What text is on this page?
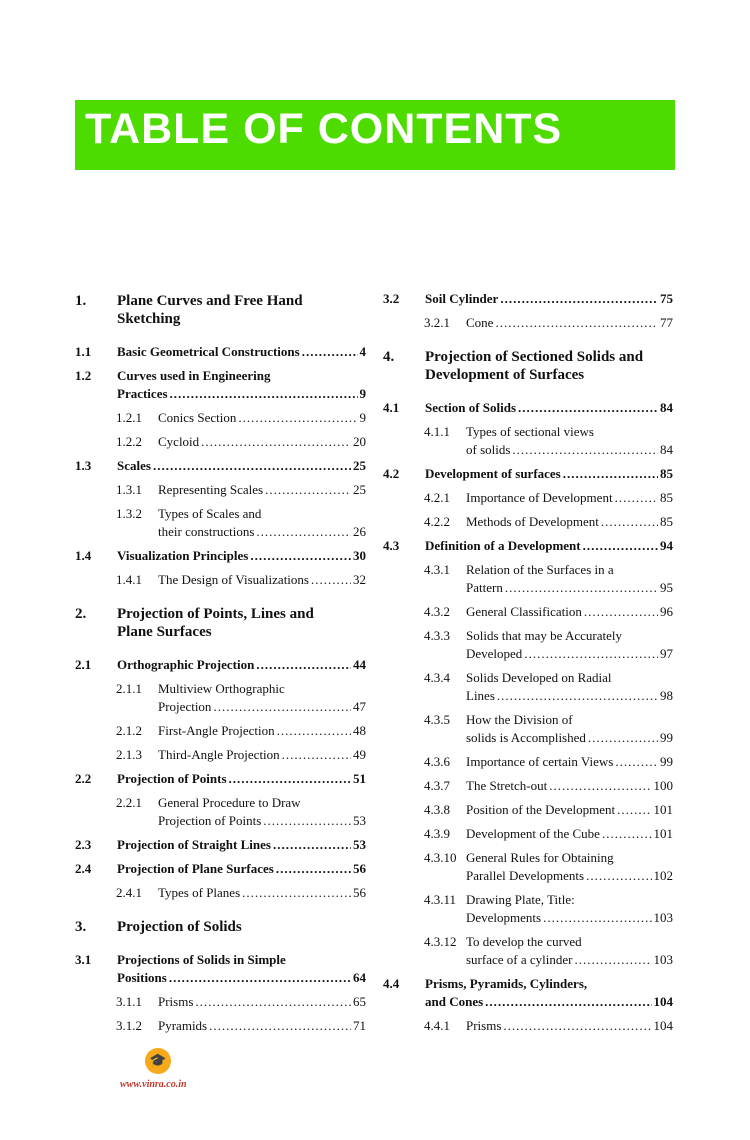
TABLE OF CONTENTS
1.	Plane Curves and Free Hand
Sketching
1.1	Basic Geometrical Constructions .....	4
1.2	Curves used in Engineering
Practices .....	9
1.2.1	Conics Section .....	9
1.2.2	Cycloid .....	20
1.3	Scales .....	25
1.3.1	Representing Scales .....	25
1.3.2	Types of Scales and
their constructions .....	26
1.4	Visualization Principles .....	30
1.4.1	The Design of Visualizations .....	32
2.	Projection of Points, Lines and
Plane Surfaces
2.1	Orthographic Projection .....	44
2.1.1	Multiview Orthographic
Projection .....	47
2.1.2	First-Angle Projection .....	48
2.1.3	Third-Angle Projection .....	49
2.2	Projection of Points .....	51
2.2.1	General Procedure to Draw
Projection of Points .....	53
2.3	Projection of Straight Lines .....	53
2.4	Projection of Plane Surfaces .....	56
2.4.1	Types of Planes .....	56
3.	Projection of Solids
3.1	Projections of Solids in Simple
Positions .....	64
3.1.1	Prisms .....	65
3.1.2	Pyramids .....	71
3.2	Soil Cylinder .....	75
3.2.1	Cone .....	77
4.	Projection of Sectioned Solids and
Development of Surfaces
4.1	Section of Solids .....	84
4.1.1	Types of sectional views
of solids .....	84
4.2	Development of surfaces .....	85
4.2.1	Importance of Development .....	85
4.2.2	Methods of Development .....	85
4.3	Definition of a Development .....	94
4.3.1	Relation of the Surfaces in a
Pattern .....	95
4.3.2	General Classification .....	96
4.3.3	Solids that may be Accurately
Developed .....	97
4.3.4	Solids Developed on Radial
Lines .....	98
4.3.5	How the Division of
solids is Accomplished .....	99
4.3.6	Importance of certain Views .....	99
4.3.7	The Stretch-out .....	100
4.3.8	Position of the Development .....	101
4.3.9	Development of the Cube .....	101
4.3.10 General Rules for Obtaining
Parallel Developments .....	102
4.3.11 Drawing Plate, Title:
Developments .....	103
4.3.12 To develop the curved
surface of a cylinder .....	103
4.4	Prisms, Pyramids, Cylinders,
and Cones .....	104
4.4.1	Prisms .....	104
🎓
www.vinra.co.in
